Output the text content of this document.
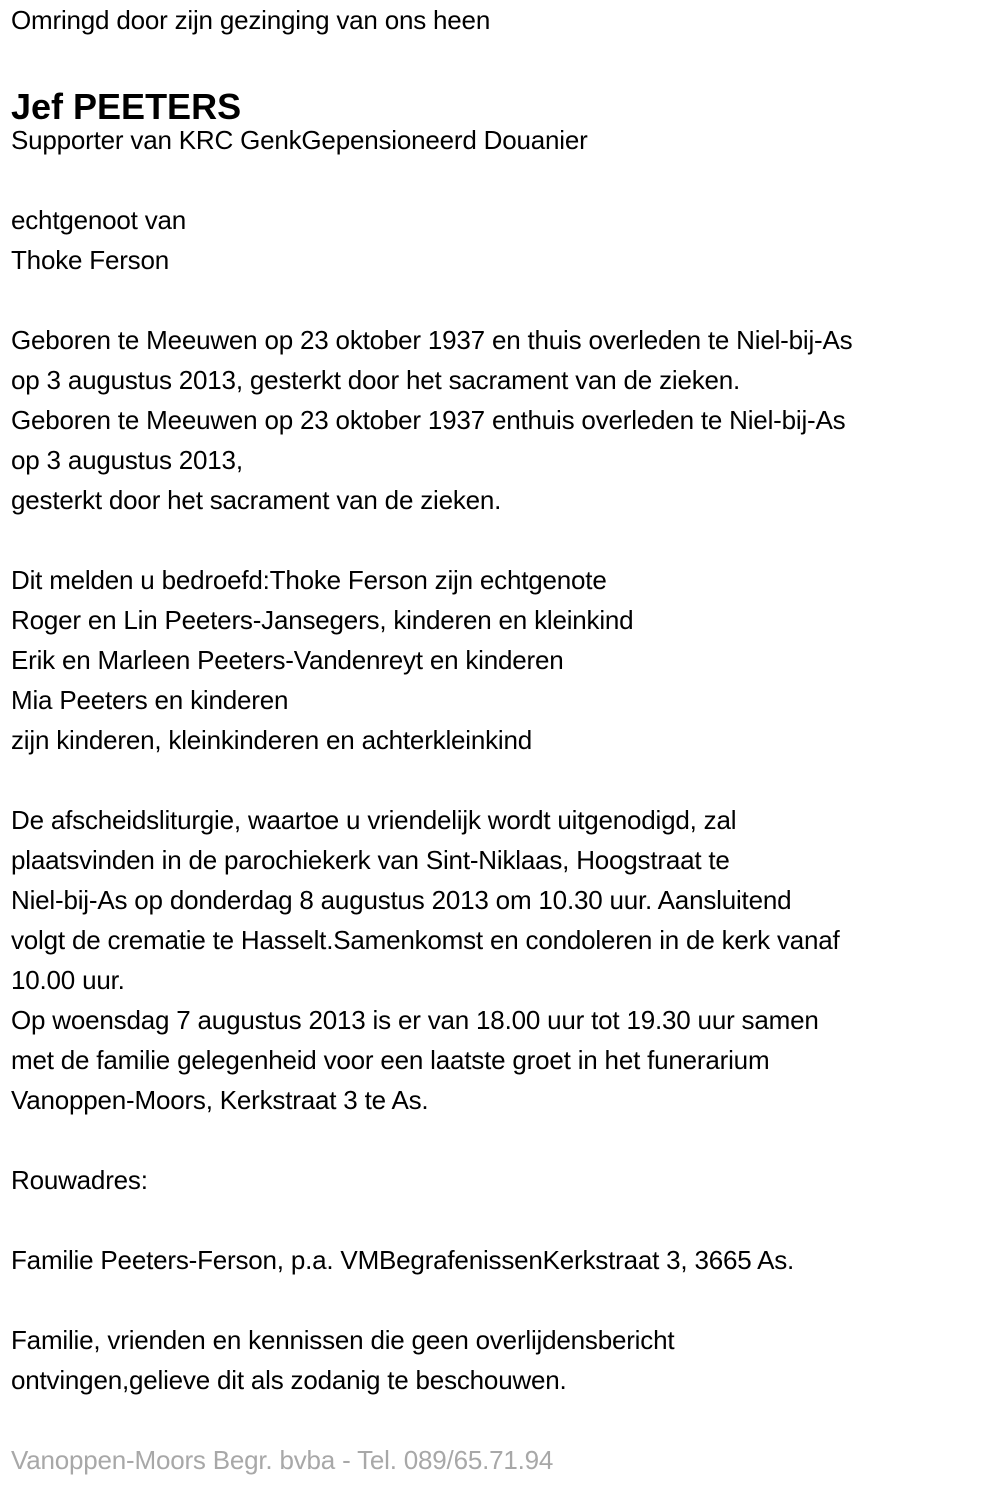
Omringd door zijn gezinging van ons heen
Jef PEETERS
Supporter van KRC GenkGepensioneerd Douanier
echtgenoot van
Thoke Ferson
Geboren te Meeuwen op 23 oktober 1937 en thuis overleden te Niel-bij-As
op 3 augustus 2013, gesterkt door het sacrament van de zieken.
Geboren te Meeuwen op 23 oktober 1937 enthuis overleden te Niel-bij-As
op 3 augustus 2013,
gesterkt door het sacrament van de zieken.
Dit melden u bedroefd:Thoke Ferson zijn echtgenote
Roger en Lin Peeters-Jansegers, kinderen en kleinkind
Erik en Marleen Peeters-Vandenreyt en kinderen
Mia Peeters en kinderen
zijn kinderen, kleinkinderen en achterkleinkind
De afscheidsliturgie, waartoe u vriendelijk wordt uitgenodigd, zal
plaatsvinden in de parochiekerk van Sint-Niklaas, Hoogstraat te
Niel-bij-As op donderdag 8 augustus 2013 om 10.30 uur. Aansluitend
volgt de crematie te Hasselt.Samenkomst en condoleren in de kerk vanaf
10.00 uur.
Op woensdag 7 augustus 2013 is er van 18.00 uur tot 19.30 uur samen
met de familie gelegenheid voor een laatste groet in het funerarium
Vanoppen-Moors, Kerkstraat 3 te As.
Rouwadres:
Familie Peeters-Ferson, p.a. VMBegrafenissenKerkstraat 3, 3665 As.
Familie, vrienden en kennissen die geen overlijdensbericht
ontvingen,gelieve dit als zodanig te beschouwen.
Vanoppen-Moors Begr. bvba - Tel. 089/65.71.94
